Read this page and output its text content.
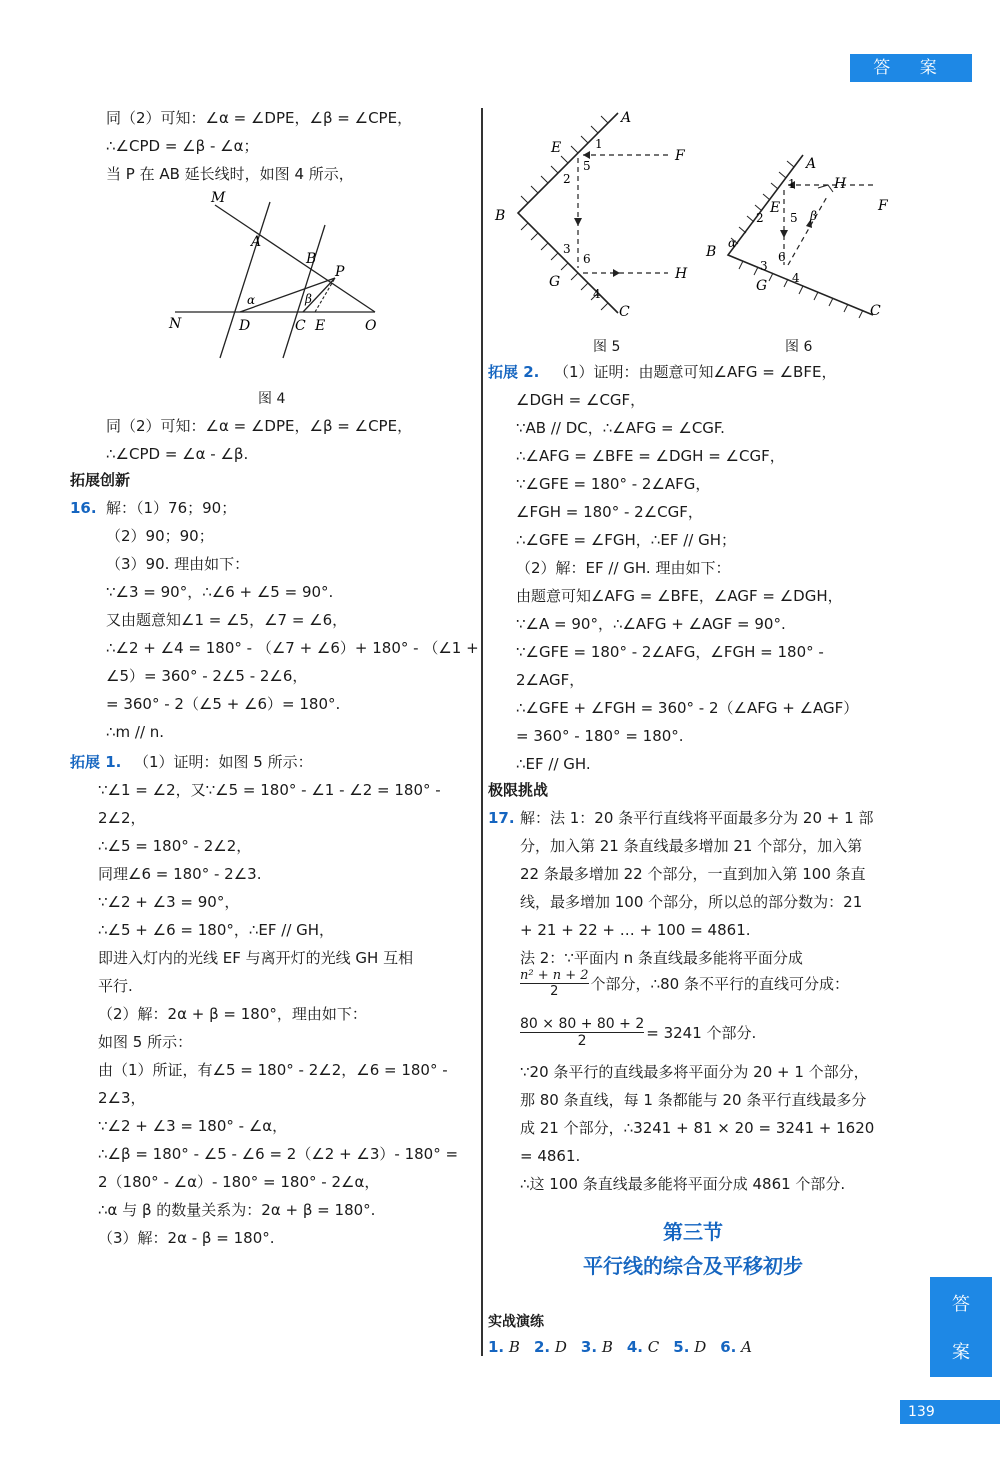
答 案
答
案
139
同（2）可知：∠α = ∠DPE，∠β = ∠CPE，
∴∠CPD = ∠β - ∠α；
当 P 在 AB 延长线时，如图 4 所示，
M
A
B
P
N	D	C E	O
α	β
图 4
同（2）可知：∠α = ∠DPE，∠β = ∠CPE，
∴∠CPD = ∠α - ∠β.
拓展创新
16. 解：（1）76；90；
（2）90；90；
（3）90. 理由如下：
∵∠3 = 90°，∴∠6 + ∠5 = 90°.
又由题意知∠1 = ∠5，∠7 = ∠6，
∴∠2 + ∠4 = 180° - （∠7 + ∠6）+ 180° - （∠1 +
∠5）= 360° - 2∠5 - 2∠6，
= 360° - 2（∠5 + ∠6）= 180°.
∴m // n.
拓展 1. （1）证明：如图 5 所示：
∵∠1 = ∠2，又∵∠5 = 180° - ∠1 - ∠2 = 180° -
2∠2，
∴∠5 = 180° - 2∠2，
同理∠6 = 180° - 2∠3.
∵∠2 + ∠3 = 90°，
∴∠5 + ∠6 = 180°，∴EF // GH，
即进入灯内的光线 EF 与离开灯的光线 GH 互相
平行.
（2）解：2α + β = 180°，理由如下：
如图 5 所示：
由（1）所证，有∠5 = 180° - 2∠2，∠6 = 180° -
2∠3，
∵∠2 + ∠3 = 180° - ∠α，
∴∠β = 180° - ∠5 - ∠6 = 2（∠2 + ∠3）- 180° =
2（180° - ∠α）- 180° = 180° - 2∠α，
∴α 与 β 的数量关系为：2α + β = 180°.
（3）解：2α - β = 180°.
A
E	F
B
G	H
C
1
2
5
3
6
4
图 5
A
E	F
H
B
G
C
α
β
1
2 5
3
6
4
图 6
拓展 2. （1）证明：由题意可知∠AFG = ∠BFE，
∠DGH = ∠CGF，
∵AB // DC，∴∠AFG = ∠CGF.
∴∠AFG = ∠BFE = ∠DGH = ∠CGF，
∵∠GFE = 180° - 2∠AFG，
∠FGH = 180° - 2∠CGF，
∴∠GFE = ∠FGH，∴EF // GH；
（2）解：EF // GH. 理由如下：
由题意可知∠AFG = ∠BFE，∠AGF = ∠DGH，
∵∠A = 90°，∴∠AFG + ∠AGF = 90°.
∵∠GFE = 180° - 2∠AFG，∠FGH = 180° -
2∠AGF，
∴∠GFE + ∠FGH = 360° - 2（∠AFG + ∠AGF）
= 360° - 180° = 180°.
∴EF // GH.
极限挑战
17. 解：法 1：20 条平行直线将平面最多分为 20 + 1 部
分，加入第 21 条直线最多增加 21 个部分，加入第
22 条最多增加 22 个部分，一直到加入第 100 条直
线，最多增加 100 个部分，所以总的部分数为：21
+ 21 + 22 + … + 100 = 4861.
法 2：∵平面内 n 条直线最多能将平面分成
$\frac{\text{n² + n + 2}}{2}$ 个部分，∴80 条不平行的直线可分成：
$\frac{80 \times 80 + 80 + 2}{2} = 3241$ 个部分.
∵20 条平行的直线最多将平面分为 20 + 1 个部分，
那 80 条直线，每 1 条都能与 20 条平行直线最多分
成 21 个部分，∴3241 + 81 × 20 = 3241 + 1620
= 4861.
∴这 100 条直线最多能将平面分成 4861 个部分.
第三节
平行线的综合及平移初步
实战演练
1. B 2. D 3. B 4. C 5. D 6. A
